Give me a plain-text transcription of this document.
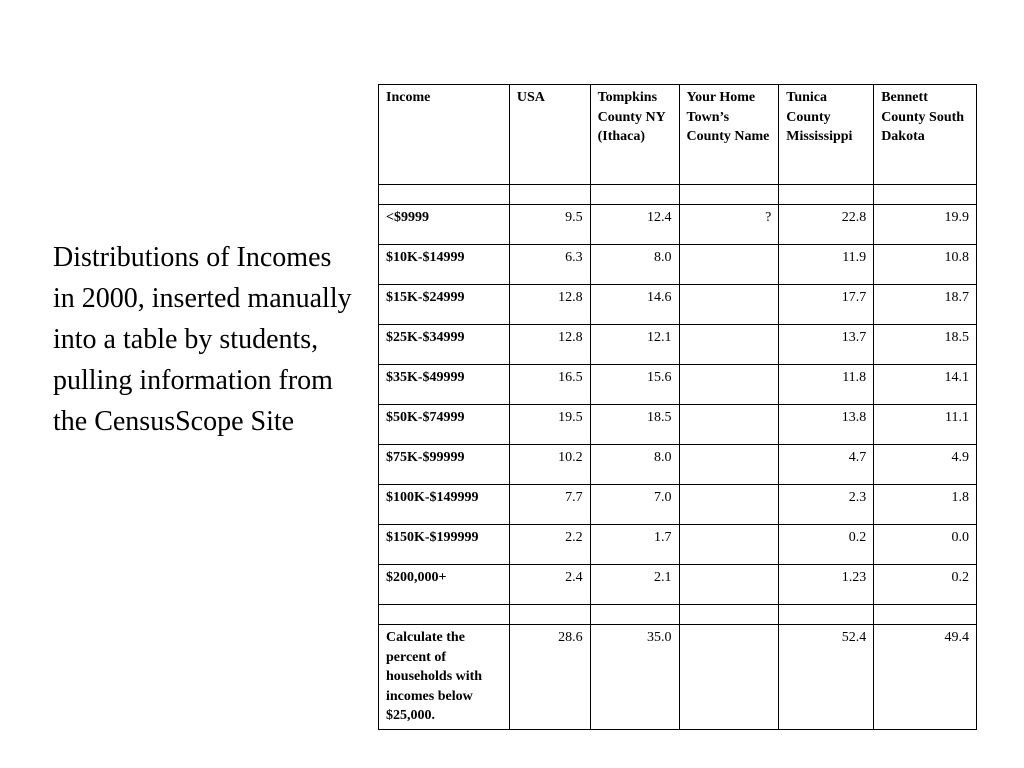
Distributions of Incomes in 2000, inserted manually into a table by students, pulling information from the CensusScope Site

Income	USA	Tompkins County NY (Ithaca)	Your Home Town’s County Name	Tunica County Mississippi	Bennett County South Dakota

<$9999	9.5	12.4	?	22.8	19.9
$10K-$14999	6.3	8.0		11.9	10.8
$15K-$24999	12.8	14.6		17.7	18.7
$25K-$34999	12.8	12.1		13.7	18.5
$35K-$49999	16.5	15.6		11.8	14.1
$50K-$74999	19.5	18.5		13.8	11.1
$75K-$99999	10.2	8.0		4.7	4.9
$100K-$149999	7.7	7.0		2.3	1.8
$150K-$199999	2.2	1.7		0.2	0.0
$200,000+	2.4	2.1		1.23	0.2

Calculate the percent of households with incomes below $25,000.	28.6	35.0		52.4	49.4
